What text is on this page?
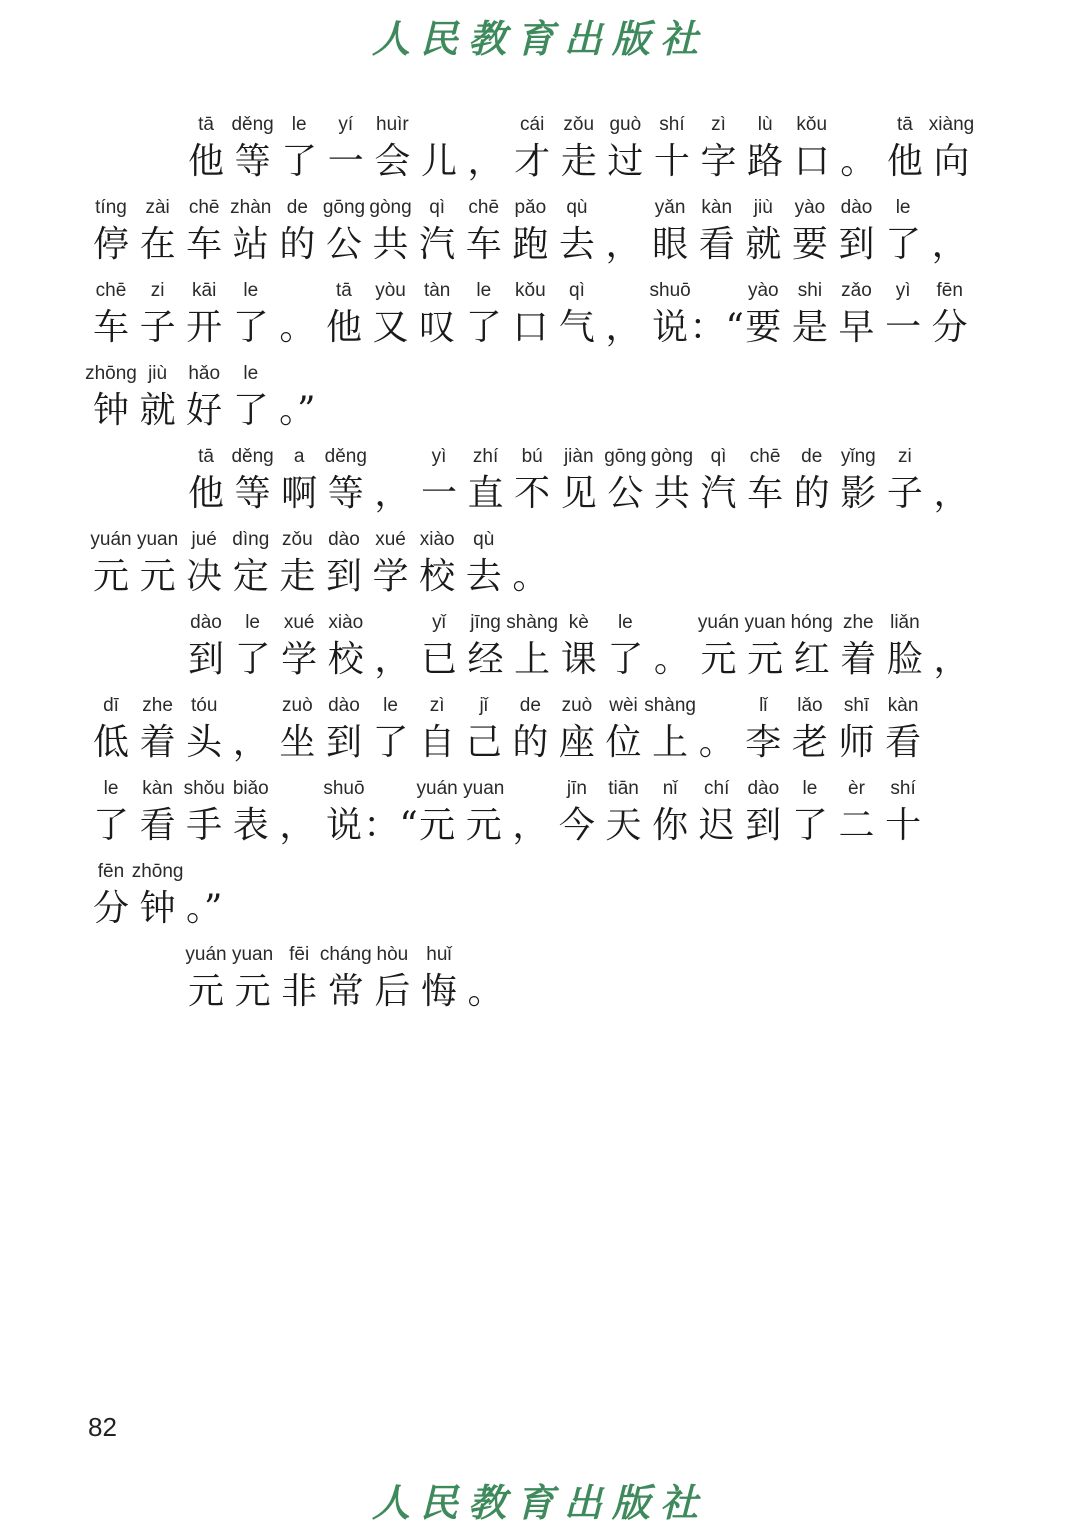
人民教育出版社
tā
他
děng
等
le
了
yí
一
huìr
会 儿 ，
cái
才
zǒu
走
guò
过
shí
十
zì
字
lù
路
kǒu
口 。
tā
他
xiàng
向
tíng
停
zài
在
chē
车
zhàn
站
de
的
gōng
公
gòng
共
qì
汽
chē
车
pǎo
跑
qù
去 ，
yǎn
眼
kàn
看
jiù
就
yào
要
dào
到
le
了 ，
chē
车
zi
子
kāi
开
le
了 。
tā
他
yòu
又
tàn
叹
le
了
kǒu
口
qì
气 ，
shuō
说 ：“
yào
要
shi
是
zǎo
早
yì
一
fēn
分
zhōng
钟
jiù
就
hǎo
好
le
了 。”
tā
他
děng
等
a
啊
děng
等 ，
yì
一
zhí
直
bú
不
jiàn
见
gōng
公
gòng
共
qì
汽
chē
车
de
的
yǐng
影
zi
子 ，
yuán
元
yuan
元
jué
决
dìng
定
zǒu
走
dào
到
xué
学
xiào
校
qù
去 。
dào
到
le
了
xué
学
xiào
校 ，
yǐ
已
jīng
经
shàng
上
kè
课
le
了 。
yuán
元
yuan
元
hóng
红
zhe
着
liǎn
脸 ，
dī
低
zhe
着
tóu
头 ，
zuò
坐
dào
到
le
了
zì
自
jǐ
己
de
的
zuò
座
wèi
位
shàng
上 。
lǐ
李
lǎo
老
shī
师
kàn
看
le
了
kàn
看
shǒu
手
biǎo
表 ，
shuō
说 ：“
yuán
元
yuan
元 ，
jīn
今
tiān
天
nǐ
你
chí
迟
dào
到
le
了
èr
二
shí
十
fēn
分
zhōng
钟 。”
yuán
元
yuan
元
fēi
非
cháng
常
hòu
后
huǐ
悔 。
82
人民教育出版社
